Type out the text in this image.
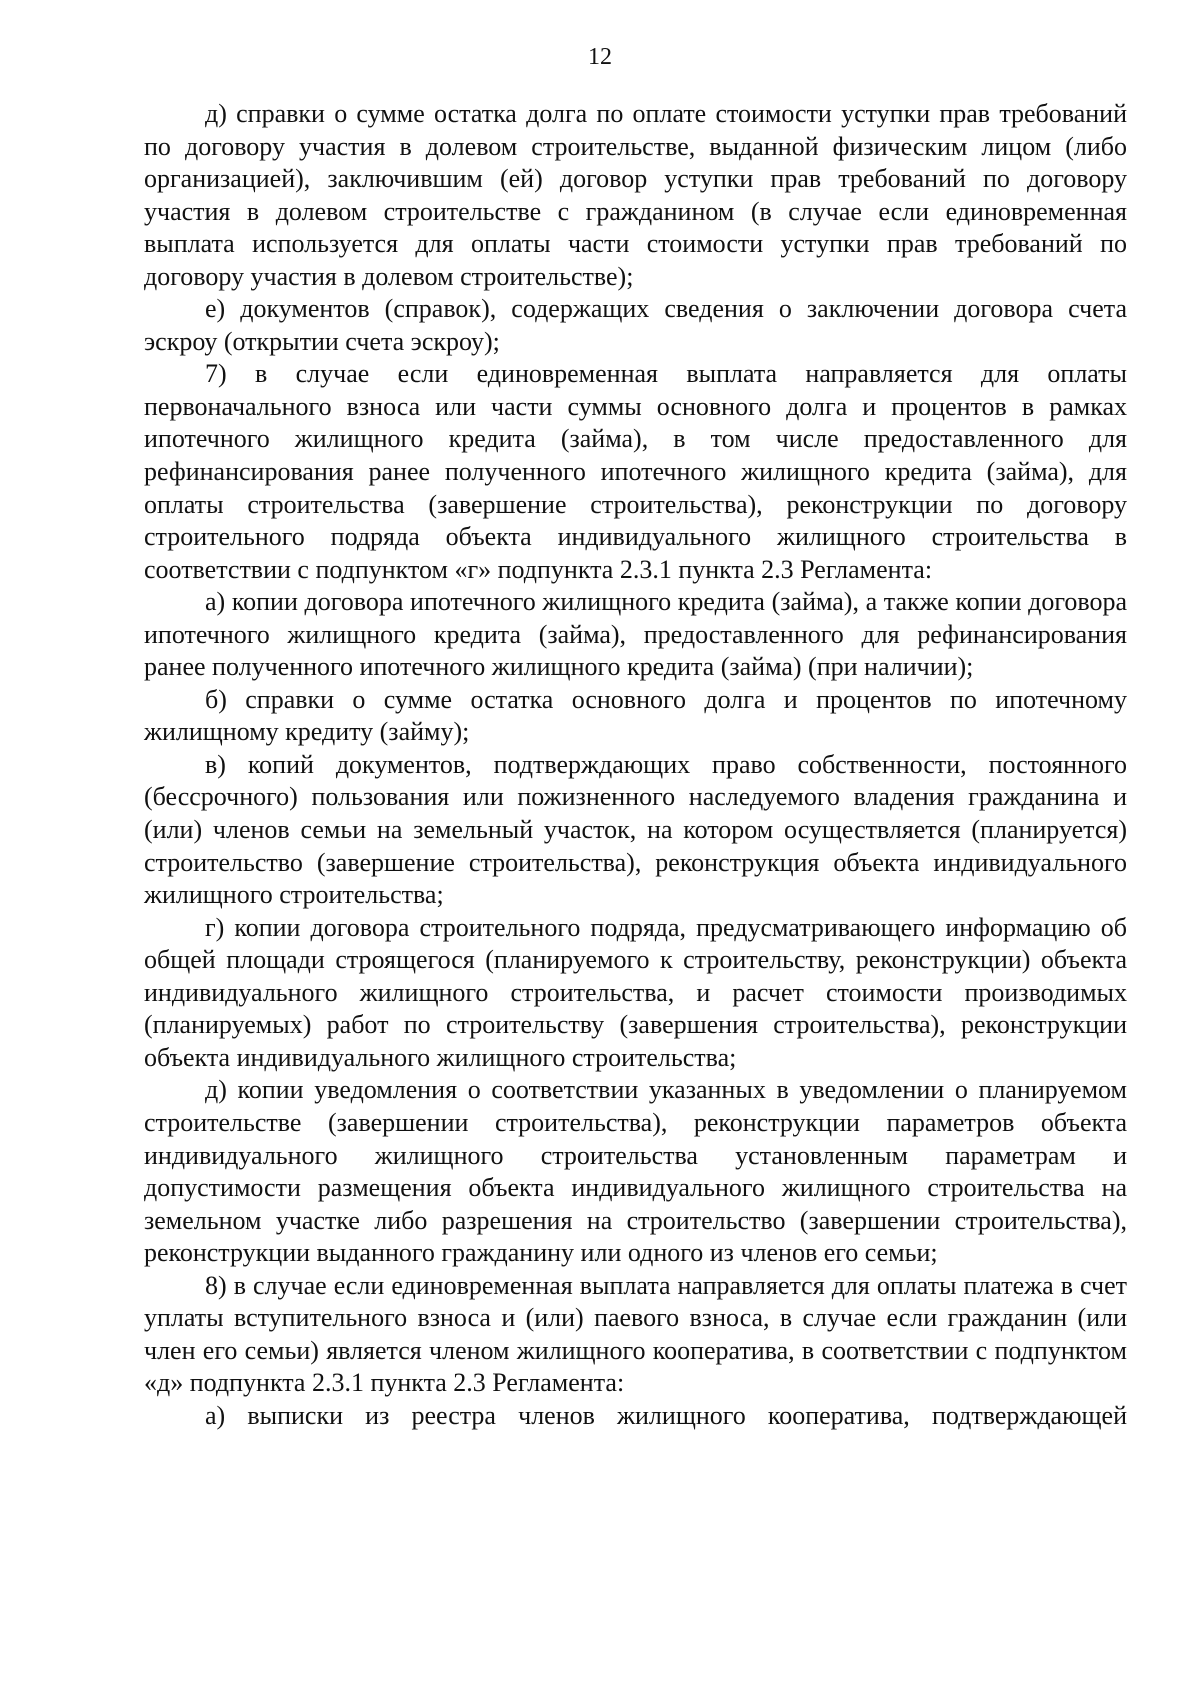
12

д) справки о сумме остатка долга по оплате стоимости уступки прав требований по договору участия в долевом строительстве, выданной физическим лицом (либо организацией), заключившим (ей) договор уступки прав требований по договору участия в долевом строительстве с гражданином (в случае если единовременная выплата используется для оплаты части стоимости уступки прав требований по договору участия в долевом строительстве);

е) документов (справок), содержащих сведения о заключении договора счета эскроу (открытии счета эскроу);

7) в случае если единовременная выплата направляется для оплаты первоначального взноса или части суммы основного долга и процентов в рамках ипотечного жилищного кредита (займа), в том числе предоставленного для рефинансирования ранее полученного ипотечного жилищного кредита (займа), для оплаты строительства (завершение строительства), реконструкции по договору строительного подряда объекта индивидуального жилищного строительства в соответствии с подпунктом «г» подпункта 2.3.1 пункта 2.3 Регламента:

а) копии договора ипотечного жилищного кредита (займа), а также копии договора ипотечного жилищного кредита (займа), предоставленного для рефинансирования ранее полученного ипотечного жилищного кредита (займа) (при наличии);

б) справки о сумме остатка основного долга и процентов по ипотечному жилищному кредиту (займу);

в) копий документов, подтверждающих право собственности, постоянного (бессрочного) пользования или пожизненного наследуемого владения гражданина и (или) членов семьи на земельный участок, на котором осуществляется (планируется) строительство (завершение строительства), реконструкция объекта индивидуального жилищного строительства;

г) копии договора строительного подряда, предусматривающего информацию об общей площади строящегося (планируемого к строительству, реконструкции) объекта индивидуального жилищного строительства, и расчет стоимости производимых (планируемых) работ по строительству (завершения строительства), реконструкции объекта индивидуального жилищного строительства;

д) копии уведомления о соответствии указанных в уведомлении о планируемом строительстве (завершении строительства), реконструкции параметров объекта индивидуального жилищного строительства установленным параметрам и допустимости размещения объекта индивидуального жилищного строительства на земельном участке либо разрешения на строительство (завершении строительства), реконструкции выданного гражданину или одного из членов его семьи;

8) в случае если единовременная выплата направляется для оплаты платежа в счет уплаты вступительного взноса и (или) паевого взноса, в случае если гражданин (или член его семьи) является членом жилищного кооператива, в соответствии с подпунктом «д» подпункта 2.3.1 пункта 2.3 Регламента:

а) выписки из реестра членов жилищного кооператива, подтверждающей
